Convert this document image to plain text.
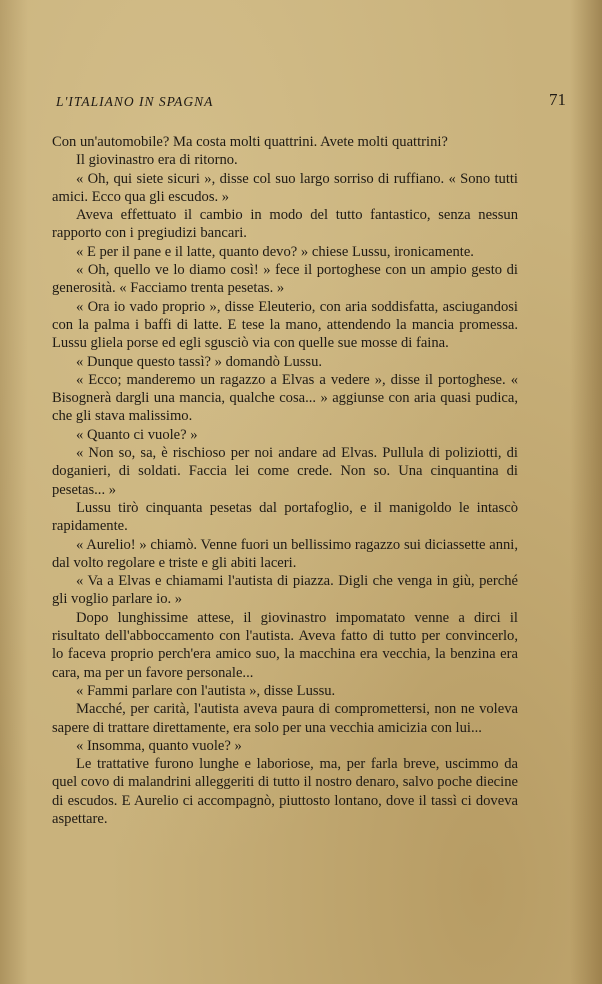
L'ITALIANO IN SPAGNA	71

Con un'automobile? Ma costa molti quattrini. Avete molti quattrini?

Il giovinastro era di ritorno.

« Oh, qui siete sicuri », disse col suo largo sorriso di ruffiano. « Sono tutti amici. Ecco qua gli escudos. »

Aveva effettuato il cambio in modo del tutto fantastico, senza nessun rapporto con i pregiudizi bancari.

« E per il pane e il latte, quanto devo? » chiese Lussu, ironicamente.

« Oh, quello ve lo diamo così! » fece il portoghese con un ampio gesto di generosità. « Facciamo trenta pesetas. »

« Ora io vado proprio », disse Eleuterio, con aria soddisfatta, asciugandosi con la palma i baffi di latte. E tese la mano, attendendo la mancia promessa. Lussu gliela porse ed egli sgusciò via con quelle sue mosse di faina.

« Dunque questo tassì? » domandò Lussu.

« Ecco; manderemo un ragazzo a Elvas a vedere », disse il portoghese. « Bisognerà dargli una mancia, qualche cosa... » aggiunse con aria quasi pudica, che gli stava malissimo.

« Quanto ci vuole? »

« Non so, sa, è rischioso per noi andare ad Elvas. Pullula di poliziotti, di doganieri, di soldati. Faccia lei come crede. Non so. Una cinquantina di pesetas... »

Lussu tirò cinquanta pesetas dal portafoglio, e il manigoldo le intascò rapidamente.

« Aurelio! » chiamò. Venne fuori un bellissimo ragazzo sui diciassette anni, dal volto regolare e triste e gli abiti laceri.

« Va a Elvas e chiamami l'autista di piazza. Digli che venga in giù, perché gli voglio parlare io. »

Dopo lunghissime attese, il giovinastro impomatato venne a dirci il risultato dell'abboccamento con l'autista. Aveva fatto di tutto per convincerlo, lo faceva proprio perch'era amico suo, la macchina era vecchia, la benzina era cara, ma per un favore personale...

« Fammi parlare con l'autista », disse Lussu.

Macché, per carità, l'autista aveva paura di compromettersi, non ne voleva sapere di trattare direttamente, era solo per una vecchia amicizia con lui...

« Insomma, quanto vuole? »

Le trattative furono lunghe e laboriose, ma, per farla breve, uscimmo da quel covo di malandrini alleggeriti di tutto il nostro denaro, salvo poche diecine di escudos. E Aurelio ci accompagnò, piuttosto lontano, dove il tassì ci doveva aspettare.
